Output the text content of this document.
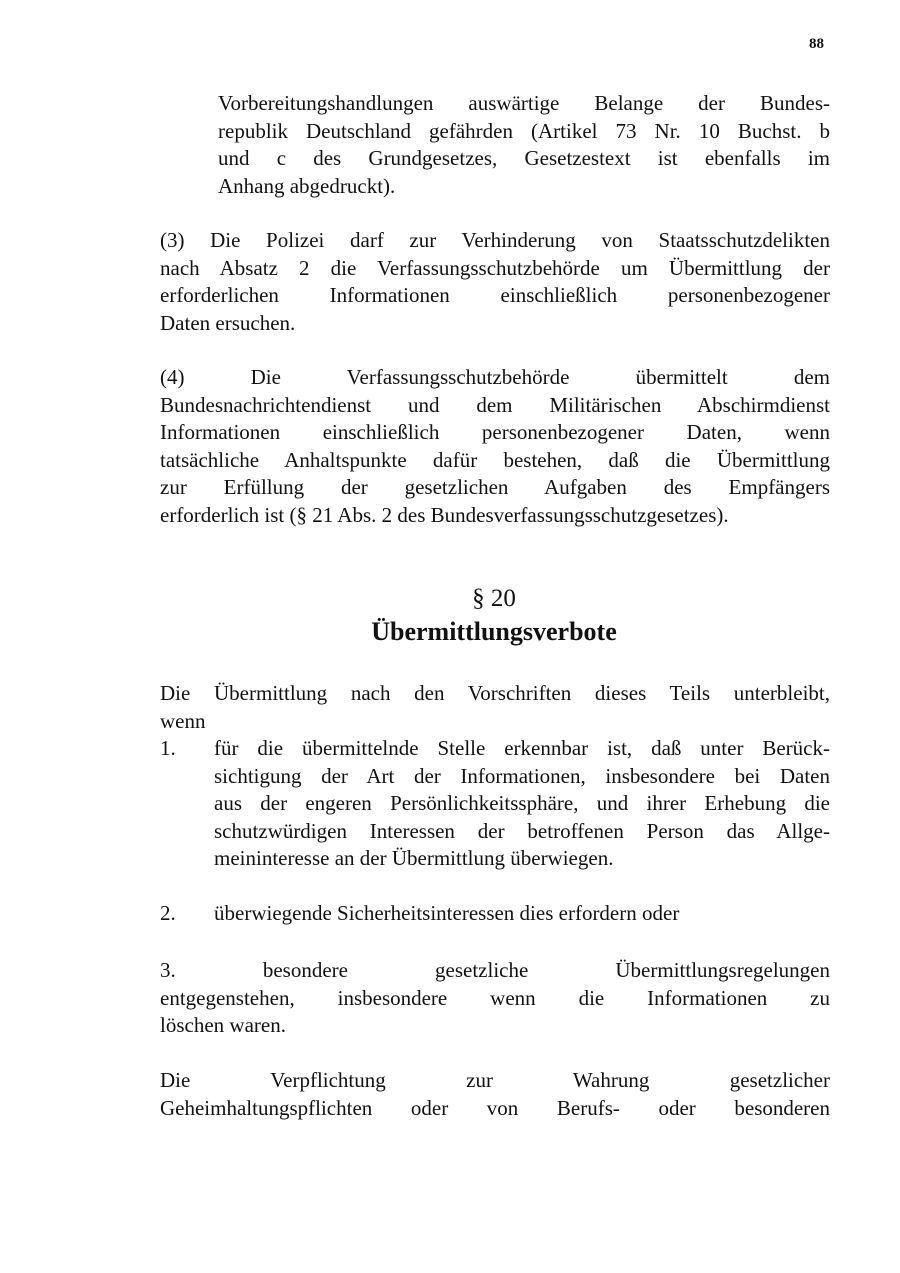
88

Vorbereitungshandlungen auswärtige Belange der Bundes-
republik Deutschland gefährden (Artikel 73 Nr. 10 Buchst. b
und c des Grundgesetzes, Gesetzestext ist ebenfalls im
Anhang abgedruckt).

(3) Die Polizei darf zur Verhinderung von Staatsschutzdelikten
nach Absatz 2 die Verfassungsschutzbehörde um Übermittlung der
erforderlichen Informationen einschließlich personenbezogener
Daten ersuchen.

(4) Die Verfassungsschutzbehörde übermittelt dem
Bundesnachrichtendienst und dem Militärischen Abschirmdienst
Informationen einschließlich personenbezogener Daten, wenn
tatsächliche Anhaltspunkte dafür bestehen, daß die Übermittlung
zur Erfüllung der gesetzlichen Aufgaben des Empfängers
erforderlich ist (§ 21 Abs. 2 des Bundesverfassungsschutzgesetzes).

§ 20
Übermittlungsverbote

Die Übermittlung nach den Vorschriften dieses Teils unterbleibt,
wenn

1. für die übermittelnde Stelle erkennbar ist, daß unter Berück-
sichtigung der Art der Informationen, insbesondere bei Daten
aus der engeren Persönlichkeitssphäre, und ihrer Erhebung die
schutzwürdigen Interessen der betroffenen Person das Allge-
meininteresse an der Übermittlung überwiegen.

2. überwiegende Sicherheitsinteressen dies erfordern oder

3. besondere gesetzliche Übermittlungsregelungen
entgegenstehen, insbesondere wenn die Informationen zu
löschen waren.

Die Verpflichtung zur Wahrung gesetzlicher
Geheimhaltungspflichten oder von Berufs- oder besonderen
